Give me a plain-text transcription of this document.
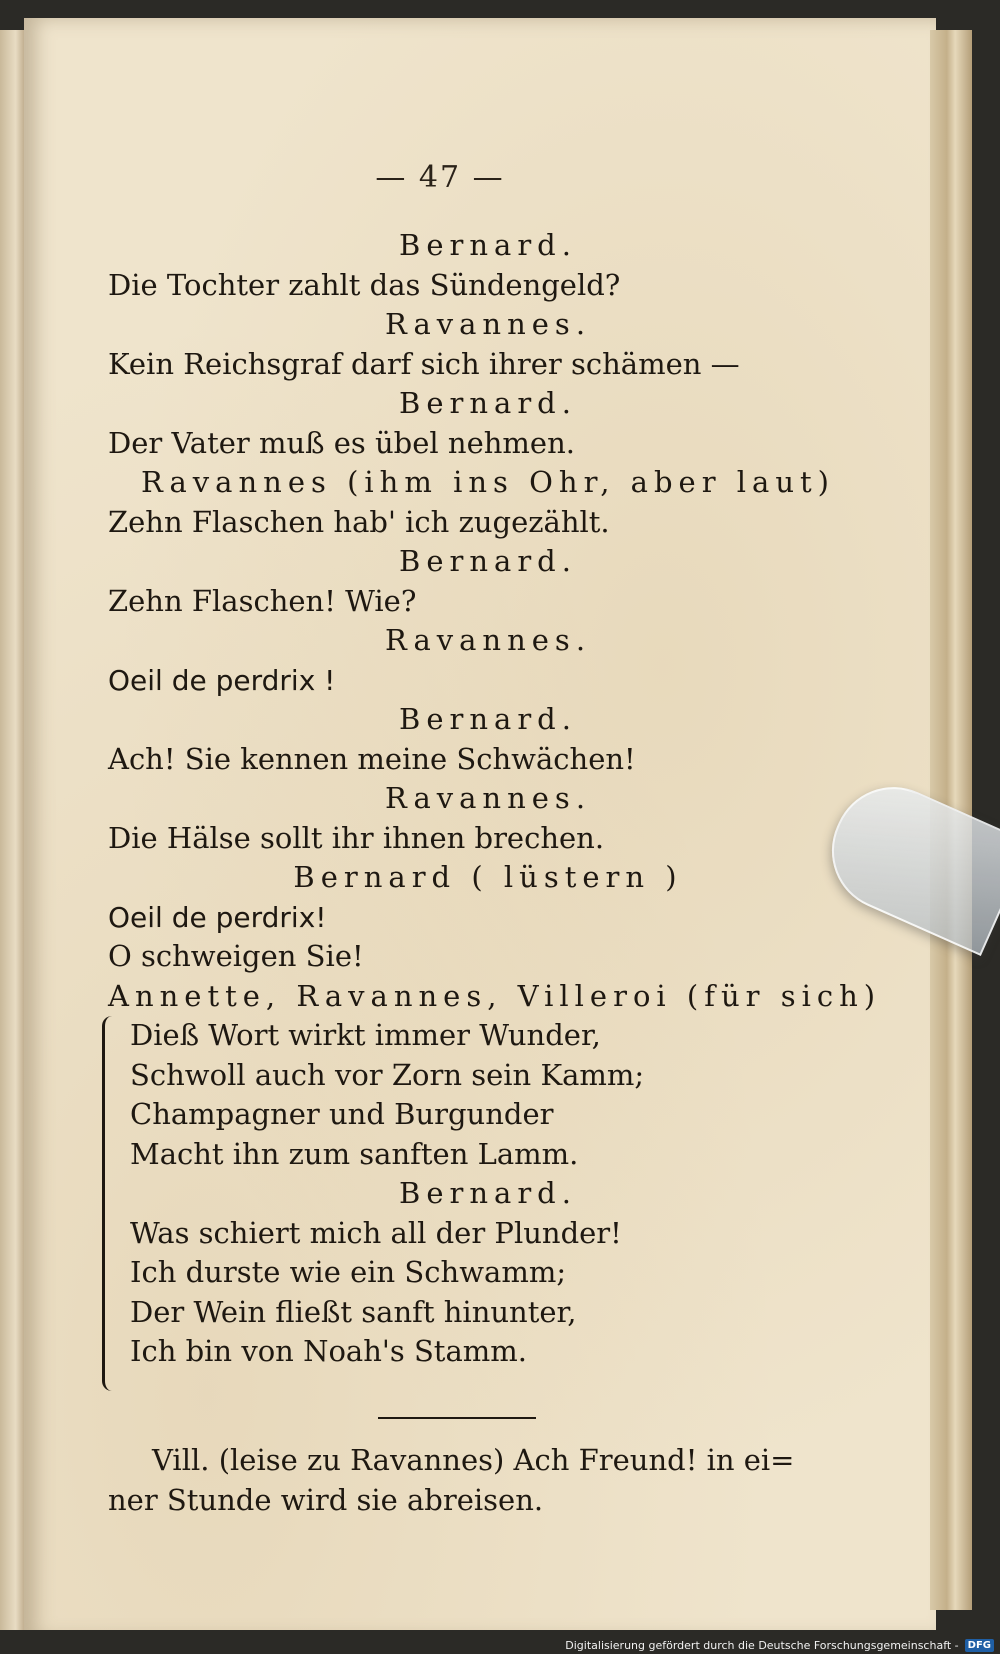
— 47 —
Bernard.
Die Tochter zahlt das Sündengeld?
Ravannes.
Kein Reichsgraf darf sich ihrer schämen —
Bernard.
Der Vater muß es übel nehmen.
Ravannes (ihm ins Ohr, aber laut)
Zehn Flaschen hab' ich zugezählt.
Bernard.
Zehn Flaschen! Wie?
Ravannes.
Oeil de perdrix !
Bernard.
Ach! Sie kennen meine Schwächen!
Ravannes.
Die Hälse sollt ihr ihnen brechen.
Bernard ( lüstern )
Oeil de perdrix!
O schweigen Sie!
Annette, Ravannes, Villeroi (für sich)
Dieß Wort wirkt immer Wunder,
Schwoll auch vor Zorn sein Kamm;
Champagner und Burgunder
Macht ihn zum sanften Lamm.
Bernard.
Was schiert mich all der Plunder!
Ich durste wie ein Schwamm;
Der Wein fließt sanft hinunter,
Ich bin von Noah's Stamm.
Vill. (leise zu Ravannes) Ach Freund! in ei=
ner Stunde wird sie abreisen.
Digitalisierung gefördert durch die Deutsche Forschungsgemeinschaft - DFG
